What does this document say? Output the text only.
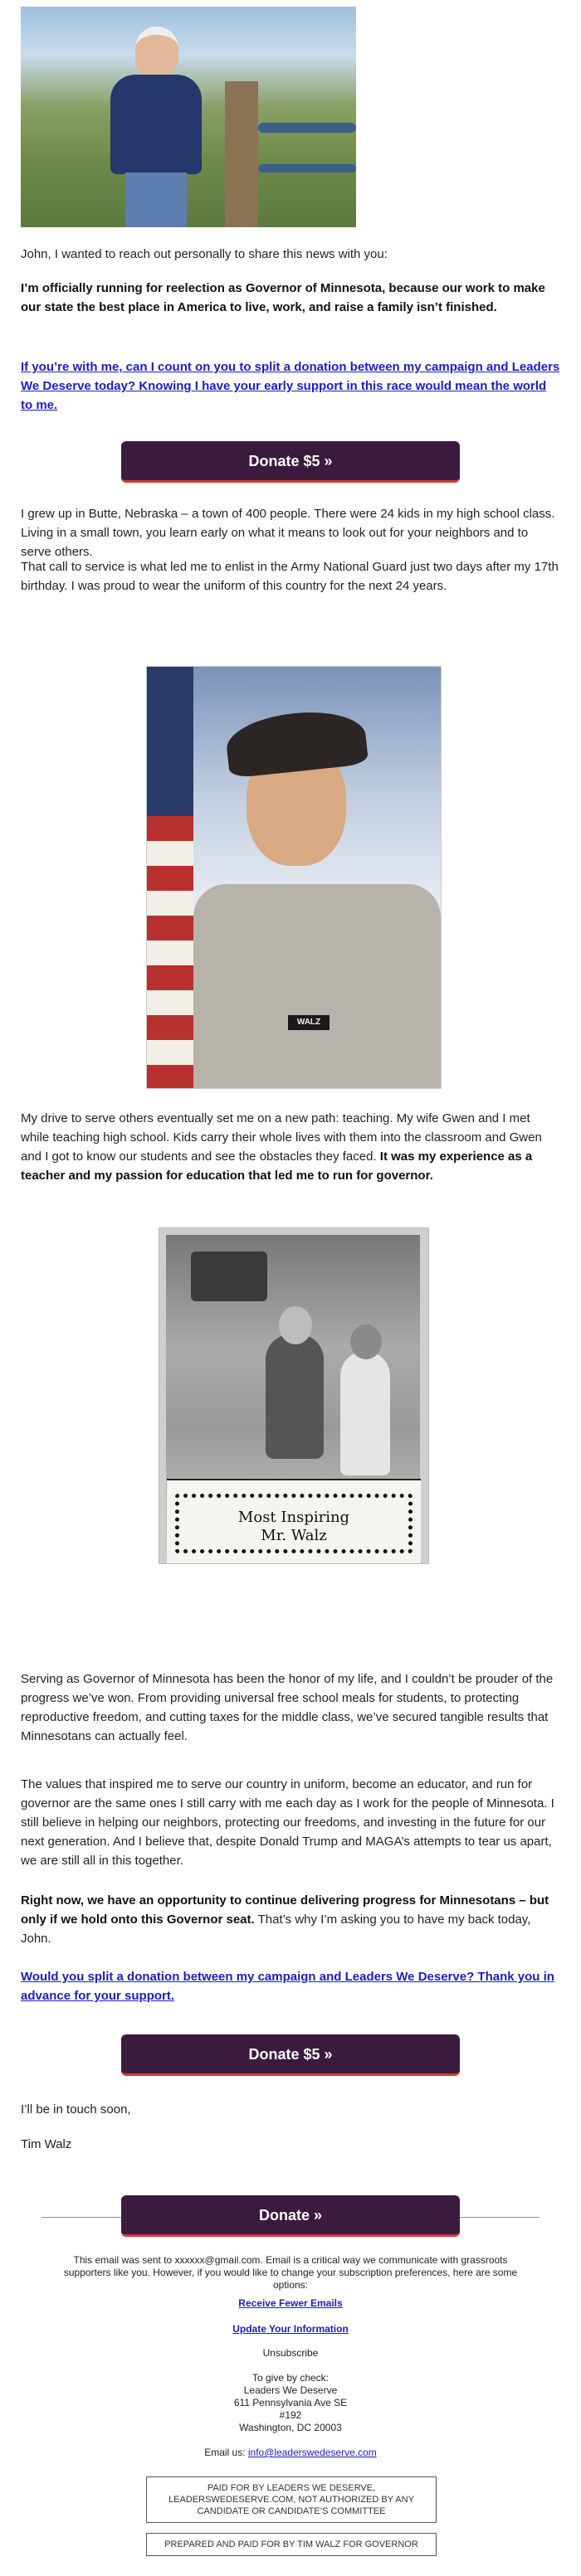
John, I wanted to reach out personally to share this news with you:

I’m officially running for reelection as Governor of Minnesota, because our work to make our state the best place in America to live, work, and raise a family isn’t finished.

If you’re with me, can I count on you to split a donation between my campaign and Leaders We Deserve today? Knowing I have your early support in this race would mean the world to me.

Donate $5 »

I grew up in Butte, Nebraska – a town of 400 people. There were 24 kids in my high school class. Living in a small town, you learn early on what it means to look out for your neighbors and to serve others.

That call to service is what led me to enlist in the Army National Guard just two days after my 17th birthday. I was proud to wear the uniform of this country for the next 24 years.

WALZ

My drive to serve others eventually set me on a new path: teaching. My wife Gwen and I met while teaching high school. Kids carry their whole lives with them into the classroom and Gwen and I got to know our students and see the obstacles they faced. It was my experience as a teacher and my passion for education that led me to run for governor.

Most Inspiring
Mr. Walz

Serving as Governor of Minnesota has been the honor of my life, and I couldn’t be prouder of the progress we’ve won. From providing universal free school meals for students, to protecting reproductive freedom, and cutting taxes for the middle class, we’ve secured tangible results that Minnesotans can actually feel.

The values that inspired me to serve our country in uniform, become an educator, and run for governor are the same ones I still carry with me each day as I work for the people of Minnesota. I still believe in helping our neighbors, protecting our freedoms, and investing in the future for our next generation. And I believe that, despite Donald Trump and MAGA’s attempts to tear us apart, we are still all in this together.

Right now, we have an opportunity to continue delivering progress for Minnesotans – but only if we hold onto this Governor seat. That’s why I’m asking you to have my back today, John.

Would you split a donation between my campaign and Leaders We Deserve? Thank you in advance for your support.

Donate $5 »

I’ll be in touch soon,

Tim Walz

Donate »
This email was sent to xxxxxx@gmail.com. Email is a critical way we communicate with grassroots supporters like you. However, if you would like to change your subscription preferences, here are some options:
Receive Fewer Emails
Update Your Information
Unsubscribe
To give by check:
Leaders We Deserve
611 Pennsylvania Ave SE
#192
Washington, DC 20003
Email us: info@leaderswedeserve.com
PAID FOR BY LEADERS WE DESERVE, LEADERSWEDESERVE.COM, NOT AUTHORIZED BY ANY CANDIDATE OR CANDIDATE’S COMMITTEE
PREPARED AND PAID FOR BY TIM WALZ FOR GOVERNOR
